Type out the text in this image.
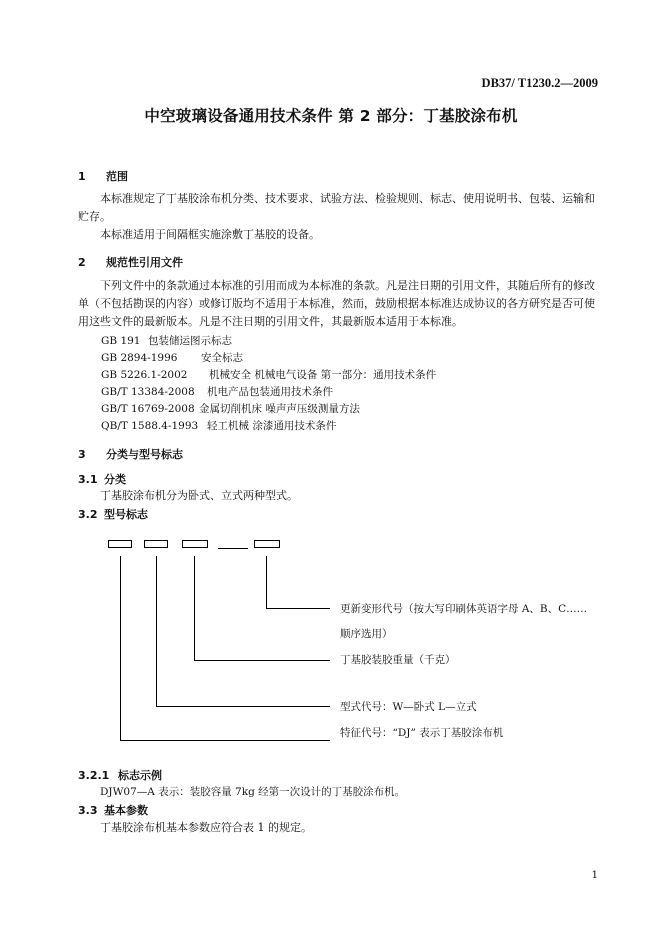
DB37/ T1230.2—2009
中空玻璃设备通用技术条件 第 2 部分：丁基胶涂布机
1 范围
本标准规定了丁基胶涂布机分类、技术要求、试验方法、检验规则、标志、使用说明书、包装、运输和贮存。
本标准适用于间隔框实施涂敷丁基胶的设备。
2 规范性引用文件
下列文件中的条款通过本标准的引用而成为本标准的条款。凡是注日期的引用文件，其随后所有的修改单（不包括勘误的内容）或修订版均不适用于本标准，然而，鼓励根据本标准达成协议的各方研究是否可使用这些文件的最新版本。凡是不注日期的引用文件，其最新版本适用于本标准。
GB 191 包装储运图示标志
GB 2894-1996 安全标志
GB 5226.1-2002 机械安全 机械电气设备 第一部分：通用技术条件
GB/T 13384-2008 机电产品包装通用技术条件
GB/T 16769-2008 金属切削机床 噪声声压级测量方法
QB/T 1588.4-1993 轻工机械 涂漆通用技术条件
3 分类与型号标志
3.1 分类
丁基胶涂布机分为卧式、立式两种型式。
3.2 型号标志
更新变形代号（按大写印刷体英语字母 A、B、C……
顺序选用）
丁基胶装胶重量（千克）
型式代号：W—卧式 L—立式
特征代号：“DJ” 表示丁基胶涂布机
3.2.1 标志示例
DJW07—A 表示：装胶容量 7kg 经第一次设计的丁基胶涂布机。
3.3 基本参数
丁基胶涂布机基本参数应符合表 1 的规定。
1
